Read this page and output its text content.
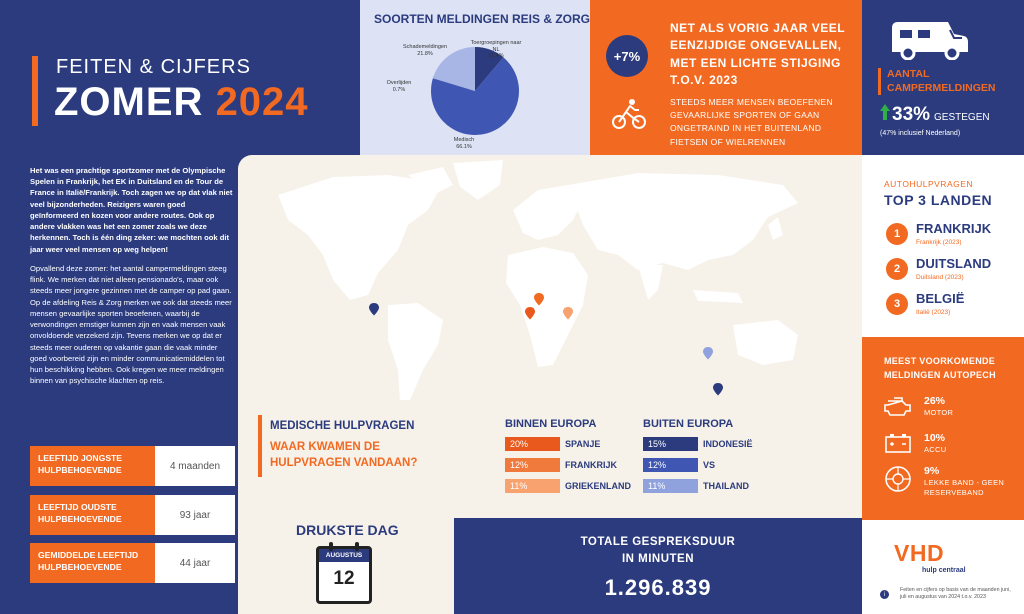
FEITEN & CIJFERS
ZOMER 2024
SOORTEN MELDINGEN REIS & ZORG
Toergroepingen naar NL
11.4%
Medisch
66.1%
Overlijden
0.7%
Schademeldingen
21.8%	+7%
NET ALS VORIG JAAR VEEL EENZIJDIGE ONGEVALLEN, MET EEN LICHTE STIJGING T.O.V. 2023
STEEDS MEER MENSEN BEOEFENEN GEVAARLIJKE SPORTEN OF GAAN ONGETRAIND IN HET BUITENLAND FIETSEN OF WIELRENNEN
AANTAL CAMPERMELDINGEN
33% GESTEGEN
(47% inclusief Nederland)

Het was een prachtige sportzomer met de Olympische Spelen in Frankrijk, het EK in Duitsland en de Tour de France in Italië/Frankrijk. Toch zagen we op dat vlak niet veel bijzonderheden. Reizigers waren goed geïnformeerd en kozen voor andere routes. Ook op andere vlakken was het een zomer zoals we deze herkennen. Toch is één ding zeker: we mochten ook dit jaar weer veel mensen op weg helpen!

Opvallend deze zomer: het aantal campermeldingen steeg flink. We merken dat niet alleen pensionado's, maar ook steeds meer jongere gezinnen met de camper op pad gaan. Op de afdeling Reis & Zorg merken we ook dat steeds meer mensen gevaarlijke sporten beoefenen, waarbij de verwondingen ernstiger kunnen zijn en vaak mensen vaak onvoldoende verzekerd zijn. Tevens merken we op dat er steeds meer ouderen op vakantie gaan die vaak minder goed voorbereid zijn en minder communicatiemiddelen tot hun beschikking hebben. Ook kregen we meer meldingen binnen van psychische klachten op reis.

LEEFTIJD JONGSTE HULPBEHOEVENDE	4 maanden
LEEFTIJD OUDSTE HULPBEHOEVENDE	93 jaar
GEMIDDELDE LEEFTIJD HULPBEHOEVENDE	44 jaar
MEDISCHE HULPVRAGEN
WAAR KWAMEN DE HULPVRAGEN VANDAAN?
BINNEN EUROPA
20%	SPANJE
12%	FRANKRIJK
11%	GRIEKENLAND
BUITEN EUROPA
15%	INDONESIË
12%	VS
11%	THAILAND
DRUKSTE DAG
AUGUSTUS
12
TOTALE GESPREKSDUUR
IN MINUTEN
1.296.839
AUTOHULPVRAGEN
TOP 3 LANDEN
1	FRANKRIJK
Frankrijk (2023)
2	DUITSLAND
Duitsland (2023)
3	BELGIË
Italië (2023)
MEEST VOORKOMENDE MELDINGEN AUTOPECH
26%
MOTOR
10%
ACCU
9%
LEKKE BAND - GEEN RESERVEBAND
VHD
hulp centraal
i
Feiten en cijfers op basis van de maanden juni, juli en augustus van 2024 t.o.v. 2023
